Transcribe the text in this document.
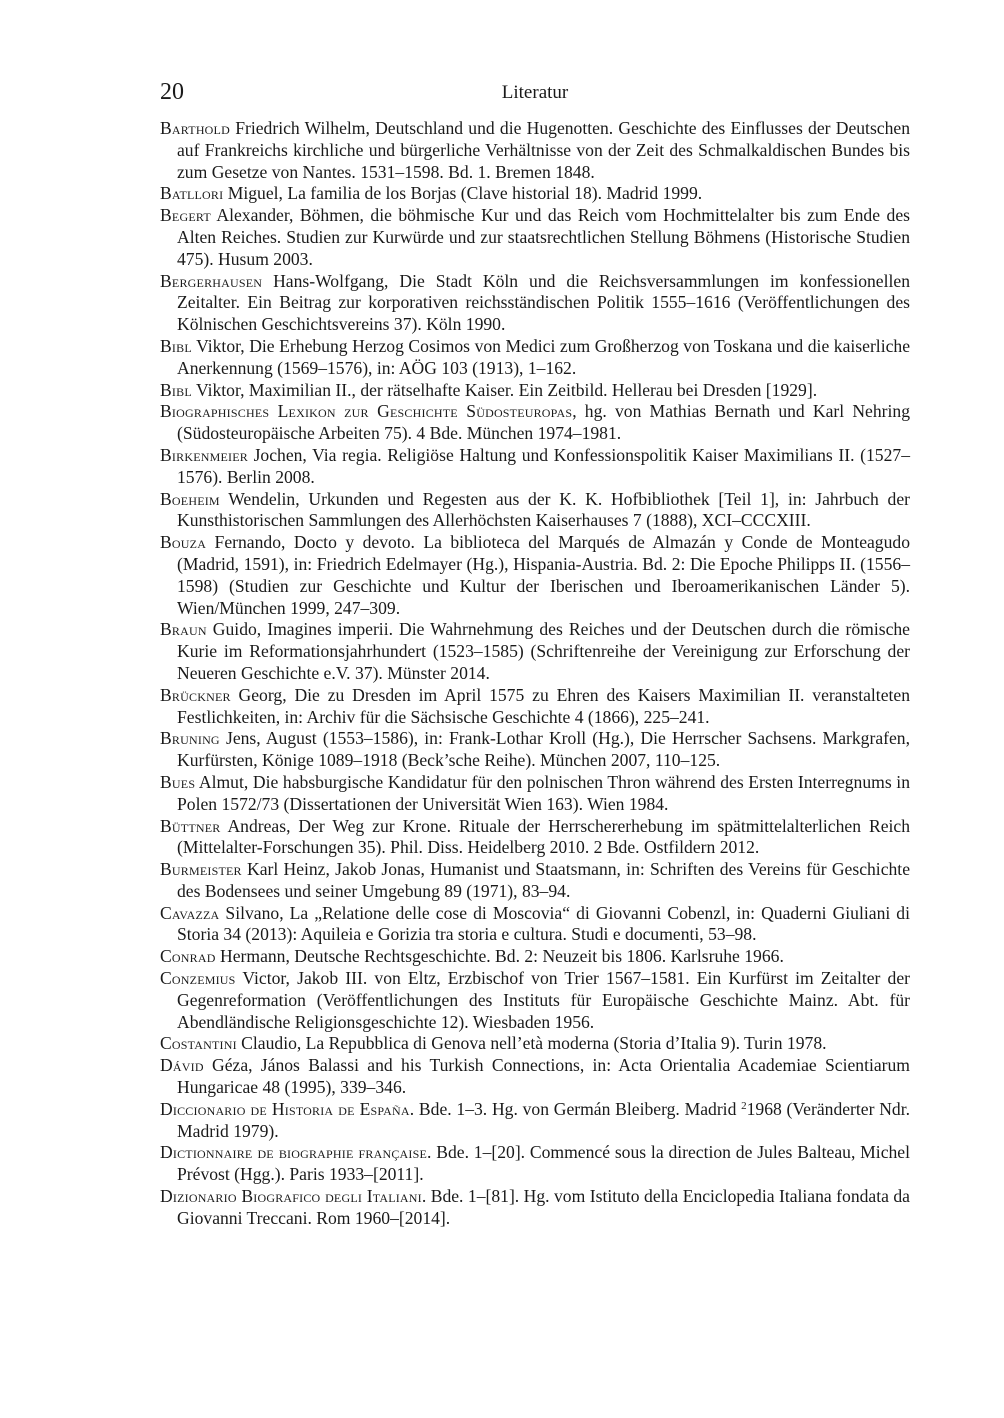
20	Literatur

Barthold Friedrich Wilhelm, Deutschland und die Hugenotten. Geschichte des Einflusses der Deutschen auf Frankreichs kirchliche und bürgerliche Verhältnisse von der Zeit des Schmalkaldischen Bundes bis zum Gesetze von Nantes. 1531–1598. Bd. 1. Bremen 1848.

Batllori Miguel, La familia de los Borjas (Clave historial 18). Madrid 1999.

Begert Alexander, Böhmen, die böhmische Kur und das Reich vom Hochmittelalter bis zum Ende des Alten Reiches. Studien zur Kurwürde und zur staatsrechtlichen Stellung Böhmens (Historische Studien 475). Husum 2003.

Bergerhausen Hans-Wolfgang, Die Stadt Köln und die Reichsversammlungen im konfessionellen Zeitalter. Ein Beitrag zur korporativen reichsständischen Politik 1555–1616 (Veröffentlichungen des Kölnischen Geschichtsvereins 37). Köln 1990.

Bibl Viktor, Die Erhebung Herzog Cosimos von Medici zum Großherzog von Toskana und die kaiserliche Anerkennung (1569–1576), in: AÖG 103 (1913), 1–162.

Bibl Viktor, Maximilian II., der rätselhafte Kaiser. Ein Zeitbild. Hellerau bei Dresden [1929].

Biographisches Lexikon zur Geschichte Südosteuropas, hg. von Mathias Bernath und Karl Nehring (Südosteuropäische Arbeiten 75). 4 Bde. München 1974–1981.

Birkenmeier Jochen, Via regia. Religiöse Haltung und Konfessionspolitik Kaiser Maximilians II. (1527–1576). Berlin 2008.

Boeheim Wendelin, Urkunden und Regesten aus der K. K. Hofbibliothek [Teil 1], in: Jahrbuch der Kunsthistorischen Sammlungen des Allerhöchsten Kaiserhauses 7 (1888), XCI–CCCXIII.

Bouza Fernando, Docto y devoto. La biblioteca del Marqués de Almazán y Conde de Monteagudo (Madrid, 1591), in: Friedrich Edelmayer (Hg.), Hispania-Austria. Bd. 2: Die Epoche Philipps II. (1556–1598) (Studien zur Geschichte und Kultur der Iberischen und Iberoamerikanischen Länder 5). Wien/München 1999, 247–309.

Braun Guido, Imagines imperii. Die Wahrnehmung des Reiches und der Deutschen durch die römische Kurie im Reformationsjahrhundert (1523–1585) (Schriftenreihe der Vereinigung zur Erforschung der Neueren Geschichte e.V. 37). Münster 2014.

Brückner Georg, Die zu Dresden im April 1575 zu Ehren des Kaisers Maximilian II. veranstalteten Festlichkeiten, in: Archiv für die Sächsische Geschichte 4 (1866), 225–241.

Bruning Jens, August (1553–1586), in: Frank-Lothar Kroll (Hg.), Die Herrscher Sachsens. Markgrafen, Kurfürsten, Könige 1089–1918 (Beck’sche Reihe). München 2007, 110–125.

Bues Almut, Die habsburgische Kandidatur für den polnischen Thron während des Ersten Interregnums in Polen 1572/73 (Dissertationen der Universität Wien 163). Wien 1984.

Büttner Andreas, Der Weg zur Krone. Rituale der Herrschererhebung im spätmittelalterlichen Reich (Mittelalter-Forschungen 35). Phil. Diss. Heidelberg 2010. 2 Bde. Ostfildern 2012.

Burmeister Karl Heinz, Jakob Jonas, Humanist und Staatsmann, in: Schriften des Vereins für Geschichte des Bodensees und seiner Umgebung 89 (1971), 83–94.

Cavazza Silvano, La „Relatione delle cose di Moscovia“ di Giovanni Cobenzl, in: Quaderni Giuliani di Storia 34 (2013): Aquileia e Gorizia tra storia e cultura. Studi e documenti, 53–98.

Conrad Hermann, Deutsche Rechtsgeschichte. Bd. 2: Neuzeit bis 1806. Karlsruhe 1966.

Conzemius Victor, Jakob III. von Eltz, Erzbischof von Trier 1567–1581. Ein Kurfürst im Zeitalter der Gegenreformation (Veröffentlichungen des Instituts für Europäische Geschichte Mainz. Abt. für Abendländische Religionsgeschichte 12). Wiesbaden 1956.

Costantini Claudio, La Repubblica di Genova nell’età moderna (Storia d’Italia 9). Turin 1978.

Dávid Géza, János Balassi and his Turkish Connections, in: Acta Orientalia Academiae Scientiarum Hungaricae 48 (1995), 339–346.

Diccionario de Historia de España. Bde. 1–3. Hg. von Germán Bleiberg. Madrid $^2$1968 (Veränderter Ndr. Madrid 1979).

Dictionnaire de biographie française. Bde. 1–[20]. Commencé sous la direction de Jules Balteau, Michel Prévost (Hgg.). Paris 1933–[2011].

Dizionario Biografico degli Italiani. Bde. 1–[81]. Hg. vom Istituto della Enciclopedia Italiana fondata da Giovanni Treccani. Rom 1960–[2014].
